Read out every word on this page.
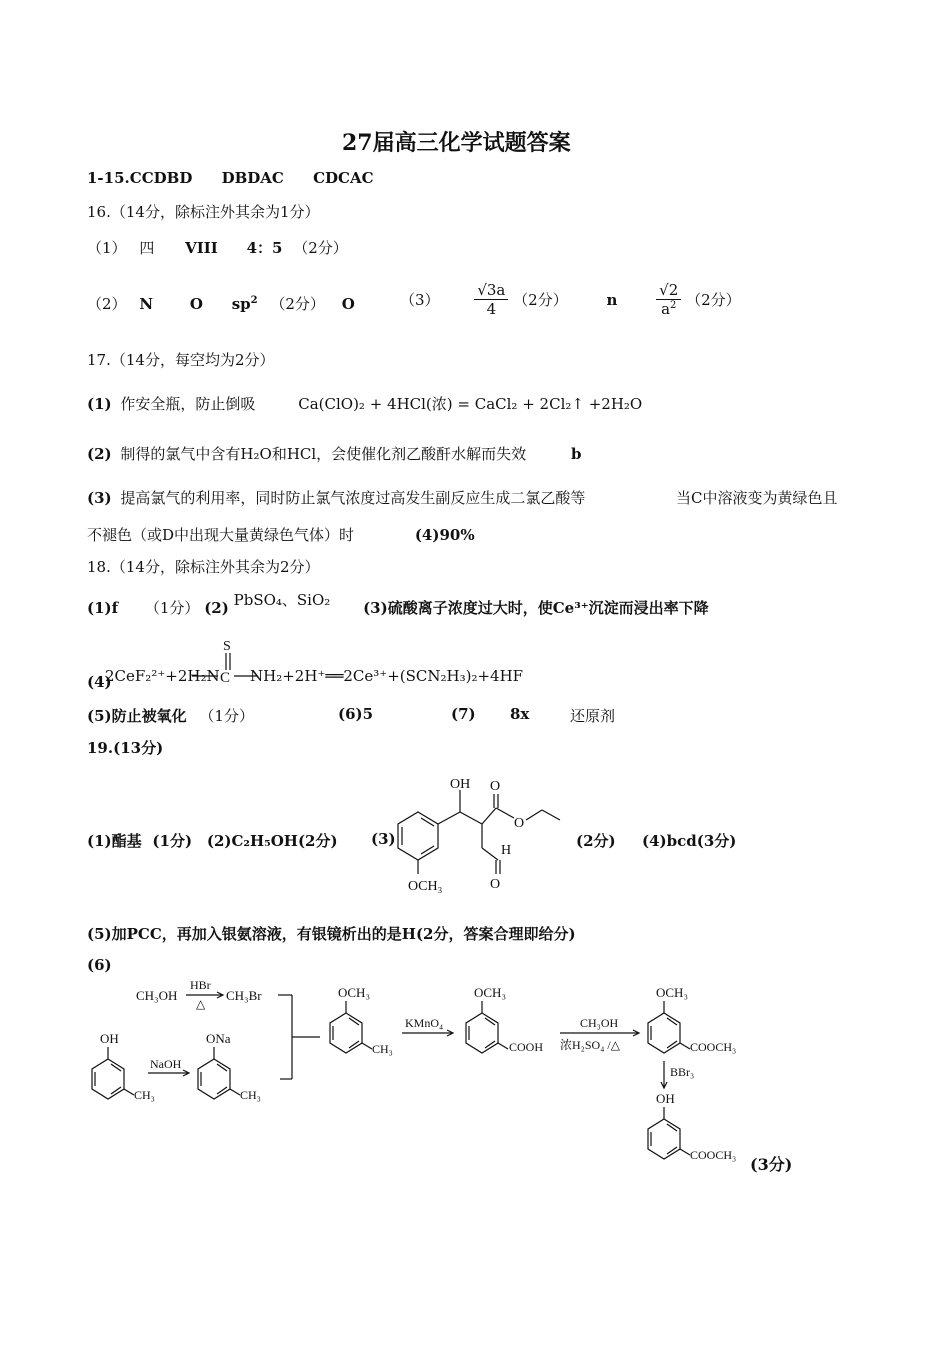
27届高三化学试题答案
1-15.CCDBD DBDAC CDCAC
16.（14分，除标注外其余为1分）
（1） 四 VIII 4：5 （2分）
（2） N O $sp^2$ （2分） O	$(3) \frac{√3a}{4} (2$分）	n	$\frac{√2}{a^2} (2$分）
17.（14分，每空均为2分）
(1) 作安全瓶，防止倒吸	Ca(ClO)₂ + 4HCl(浓) = CaCl₂ + 2Cl₂↑ +2H₂O
(2) 制得的氯气中含有H₂O和HCl，会使催化剂乙酸酐水解而失效	b
(3) 提高氯气的利用率，同时防止氯气浓度过高发生副反应生成二氯乙酸等	当C中溶液变为黄绿色且
不褪色（或D中出现大量黄绿色气体）时	(4)90%
18.（14分，除标注外其余为2分）
(1)f （1分） (2) PbSO₄、SiO₂ (3)硫酸离子浓度过大时，使Ce³⁺沉淀而浸出率下降
(4)
2CeF₂²⁺+2H₂N
S
C NH₂+2H⁺══2Ce³⁺+(SCN₂H₃)₂+4HF
(5)防止被氧化 （1分）	(6)5	(7) 8x	还原剂
19.(13分)
(1)酯基 (1分) (2)C₂H₅OH(2分) (3)
OH O
O
H
O
OCH₃
(2分) (4)bcd(3分)
(5)加PCC，再加入银氨溶液，有银镜析出的是H(2分，答案合理即给分)
(6)
CH₃OH
HBr
△
CH₃Br
OH
CH₃
NaOH
ONa
CH₃
OCH₃
CH₃
KMnO₄
OCH₃
COOH
CH₃OH
浓H₂SO₄ /△
OCH₃
COOCH₃
BBr₃
OH
COOCH₃ (3分)
